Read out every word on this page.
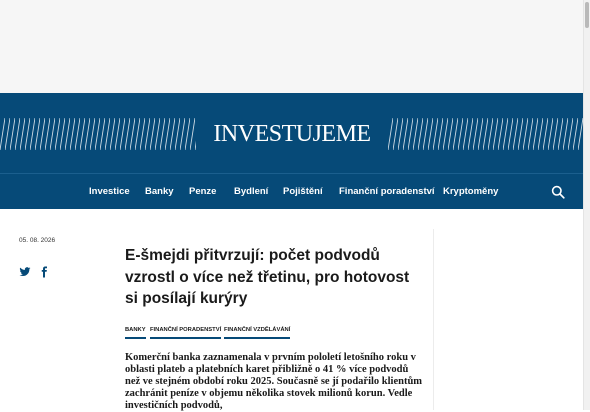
INVESTUJEME
Investice Banky Penze Bydlení Pojištění Finanční poradenství Kryptoměny
05. 08. 2026
E-šmejdi přitvrzují: počet podvodů vzrostl o více než třetinu, pro hotovost si posílají kurýry
BANKY FINANČNÍ PORADENSTVÍ FINANČNÍ VZDĚLÁVÁNÍ

Komerční banka zaznamenala v prvním pololetí letošního roku v oblasti plateb a platebních karet přibližně o 41 % více podvodů než ve stejném období roku 2025. Současně se jí podařilo klientům zachránit peníze v objemu několika stovek milionů korun. Vedle investičních podvodů,
